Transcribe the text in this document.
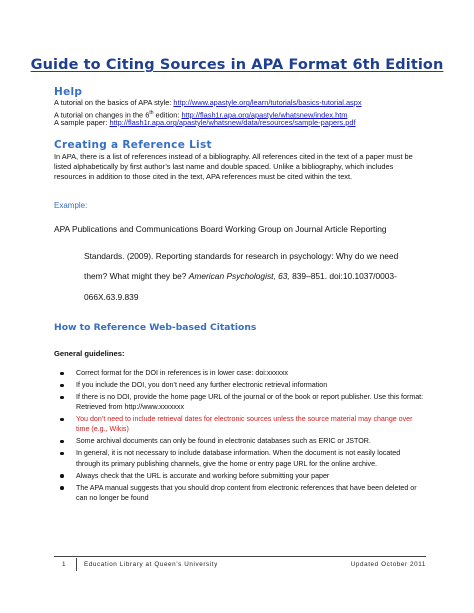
Guide to Citing Sources in APA Format 6th Edition
Help
A tutorial on the basics of APA style: http://www.apastyle.org/learn/tutorials/basics-tutorial.aspx
A tutorial on changes in the 6th edition: http://flash1r.apa.org/apastyle/whatsnew/index.htm
A sample paper: http://flash1r.apa.org/apastyle/whatsnew/data/resources/sample-papers.pdf
Creating a Reference List
In APA, there is a list of references instead of a bibliography. All references cited in the text of a paper must be listed alphabetically by first author’s last name and double spaced. Unlike a bibliography, which includes resources in addition to those cited in the text, APA references must be cited within the text.
Example:
APA Publications and Communications Board Working Group on Journal Article Reporting
Standards. (2009). Reporting standards for research in psychology: Why do we need
them? What might they be? American Psychologist, 63, 839–851. doi:10.1037/0003-
066X.63.9.839
How to Reference Web-based Citations
General guidelines:
Correct format for the DOI in references is in lower case: doi:xxxxxx
If you include the DOI, you don’t need any further electronic retrieval information
If there is no DOI, provide the home page URL of the journal or of the book or report publisher. Use this format: Retrieved from http://www.xxxxxxx
You don’t need to include retrieval dates for electronic sources unless the source material may change over time (e.g., Wikis)
Some archival documents can only be found in electronic databases such as ERIC or JSTOR.
In general, it is not necessary to include database information. When the document is not easily located through its primary publishing channels, give the home or entry page URL for the online archive.
Always check that the URL is accurate and working before submitting your paper
The APA manual suggests that you should drop content from electronic references that have been deleted or can no longer be found
1	Education Library at Queen’s University	Updated October 2011
